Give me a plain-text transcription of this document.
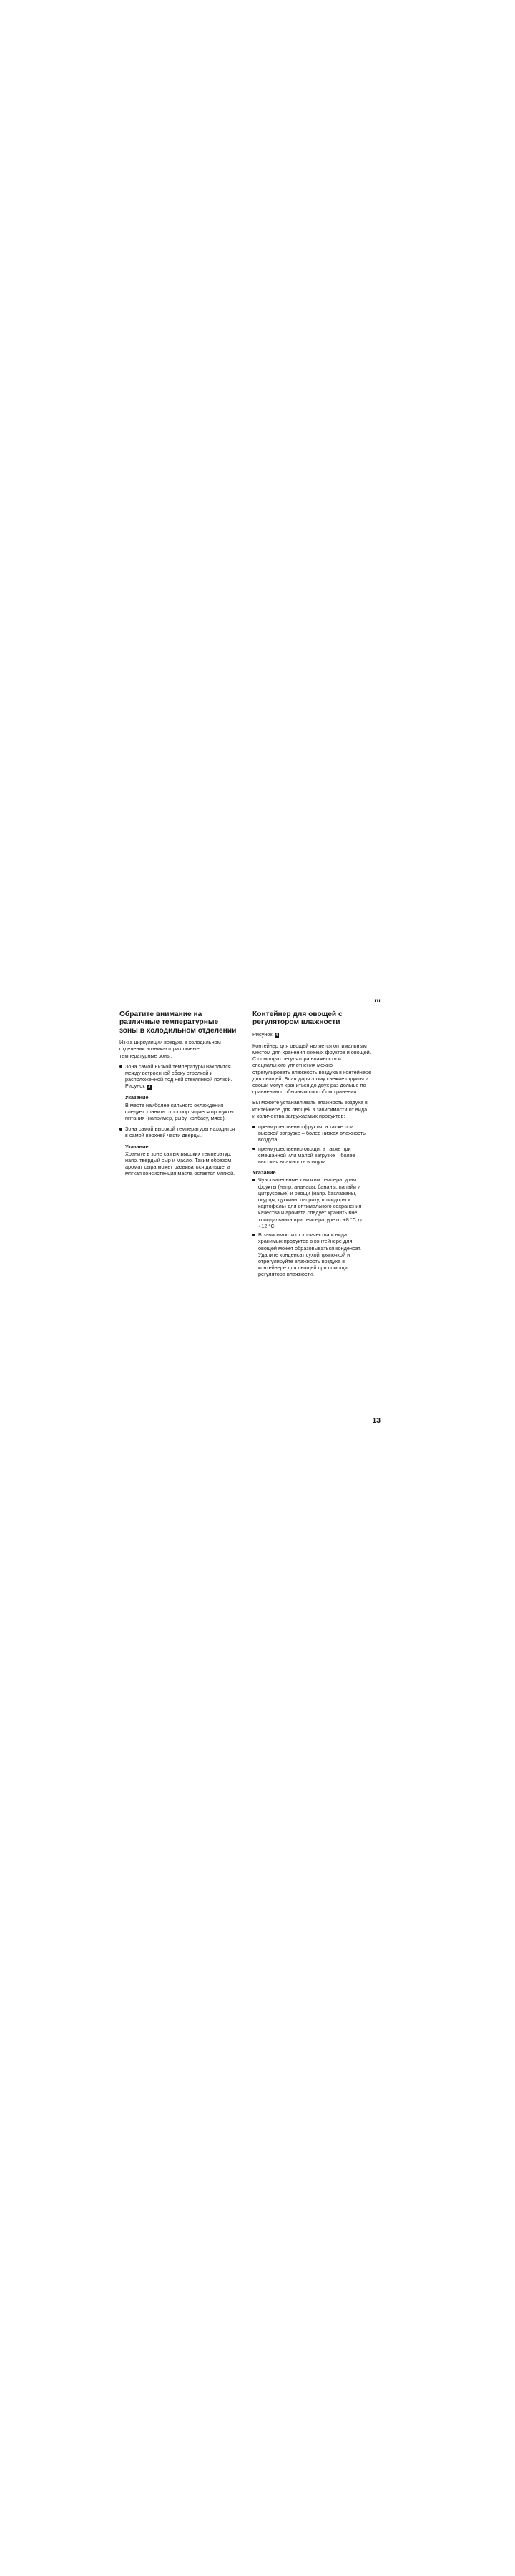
ru
Обратите внимание на различные температурные зоны в холодильном отделении

Из-за циркуляции воздуха в холодильном отделении возникают различные температурные зоны:

Зона самой низкой температуры находится между встроенной сбоку стрелкой и расположенной под ней стеклянной полкой. Рисунок 3
Указание
В месте наиболее сильного охлаждения следует хранить скоропортящиеся продукты питания (например, рыбу, колбасу, мясо).
Зона самой высокой температуры находится в самой верхней части дверцы.
Указание
Храните в зоне самых высоких температур, напр. твердый сыр и масло. Таким образом, аромат сыра может развиваться дальше, а мягкая консистенция масла остается мягкой.
Контейнер для овощей с регулятором влажности

Рисунок 4

Контейнер для овощей является оптимальным местом для хранения свежих фруктов и овощей. С помощью регулятора влажности и специального уплотнения можно отрегулировать влажность воздуха в контейнере для овощей. Благодаря этому свежие фрукты и овощи могут храниться до двух раз дольше по сравнению с обычным способом хранения.

Вы можете устанавливать влажность воздуха в контейнере для овощей в зависимости от вида и количества загружаемых продуктов:

преимущественно фрукты, а также при высокой загрузке – более низкая влажность воздуха
преимущественно овощи, а также при смешанной или малой загрузке – более высокая влажность воздуха
Указание
Чувствительные к низким температурам фрукты (напр. ананасы, бананы, папайи и цитрусовые) и овощи (напр. баклажаны, огурцы, цуккини, паприку, помидоры и картофель) для оптимального сохранения качества и аромата следует хранить вне холодильника при температуре от +8 °C до +12 °C.
В зависимости от количества и вида хранимых продуктов в контейнере для овощей может образовываться конденсат. Удалите конденсат сухой тряпочкой и отрегулируйте влажность воздуха в контейнере для овощей при помощи регулятора влажности.
13
